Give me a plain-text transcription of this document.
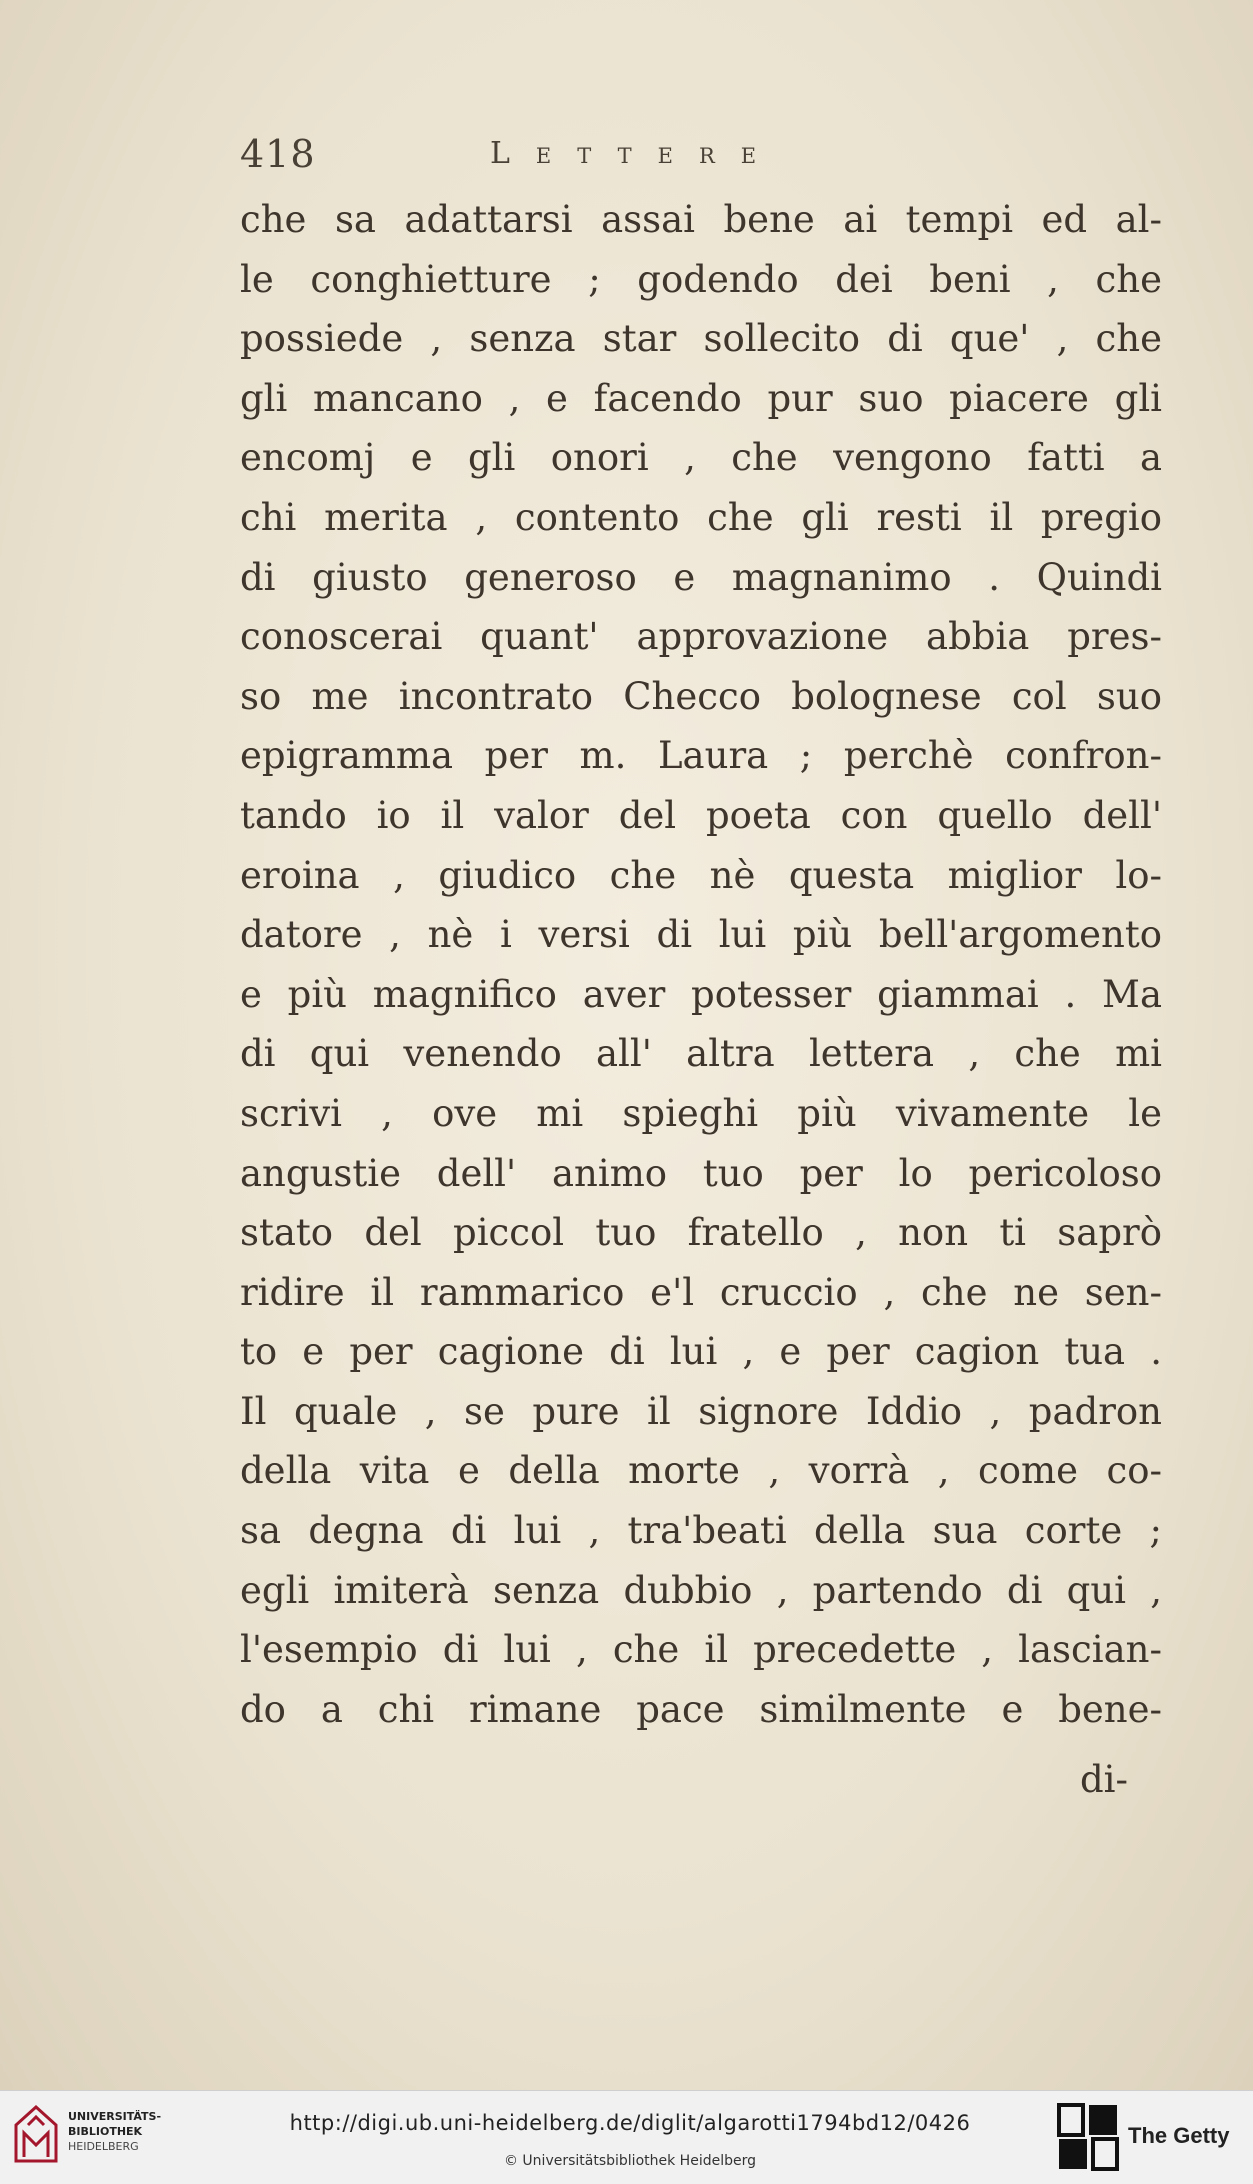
418	Lettere
che sa adattarsi assai bene ai tempi ed al-
le conghietture ; godendo dei beni , che
possiede , senza star sollecito di que' , che
gli mancano , e facendo pur suo piacere gli
encomj e gli onori , che vengono fatti a
chi merita , contento che gli resti il pregio
di giusto generoso e magnanimo . Quindi
conoscerai quant' approvazione abbia pres-
so me incontrato Checco bolognese col suo
epigramma per m. Laura ; perchè confron-
tando io il valor del poeta con quello dell'
eroina , giudico che nè questa miglior lo-
datore , nè i versi di lui più bell'argomento
e più magnifico aver potesser giammai . Ma
di qui venendo all' altra lettera , che mi
scrivi , ove mi spieghi più vivamente le
angustie dell' animo tuo per lo pericoloso
stato del piccol tuo fratello , non ti saprò
ridire il rammarico e'l cruccio , che ne sen-
to e per cagione di lui , e per cagion tua .
Il quale , se pure il signore Iddio , padron
della vita e della morte , vorrà , come co-
sa degna di lui , tra'beati della sua corte ;
egli imiterà senza dubbio , partendo di qui ,
l'esempio di lui , che il precedette , lascian-
do a chi rimane pace similmente e bene-
di-
UNIVERSITÄTS-
BIBLIOTHEK
HEIDELBERG
http://digi.ub.uni-heidelberg.de/diglit/algarotti1794bd12/0426
© Universitätsbibliothek Heidelberg
The Getty
